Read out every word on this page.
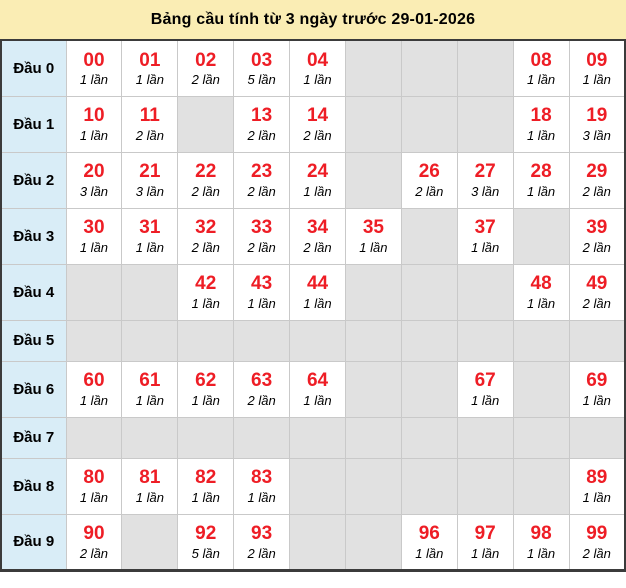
Bảng cầu tính từ 3 ngày trước 29-01-2026
Đầu 0	00
1 lần

01
1 lần

02
2 lần

03
5 lần

04
1 lần

08
1 lần

09
1 lần

Đầu 1	10
1 lần

11
2 lần

13
2 lần

14
2 lần

18
1 lần

19
3 lần

Đầu 2	20
3 lần

21
3 lần

22
2 lần

23
2 lần

24
1 lần

26
2 lần

27
3 lần

28
1 lần

29
2 lần

Đầu 3	30
1 lần

31
1 lần

32
2 lần

33
2 lần

34
2 lần

35
1 lần

37
1 lần

39
2 lần

Đầu 4			42
1 lần

43
1 lần

44
1 lần

48
1 lần

49
2 lần

Đầu 5										
Đầu 6	60
1 lần

61
1 lần

62
1 lần

63
2 lần

64
1 lần

67
1 lần

69
1 lần

Đầu 7										
Đầu 8	80
1 lần

81
1 lần

82
1 lần

83
1 lần

89
1 lần

Đầu 9	90
2 lần

92
5 lần

93
2 lần

96
1 lần

97
1 lần

98
1 lần

99
2 lần
